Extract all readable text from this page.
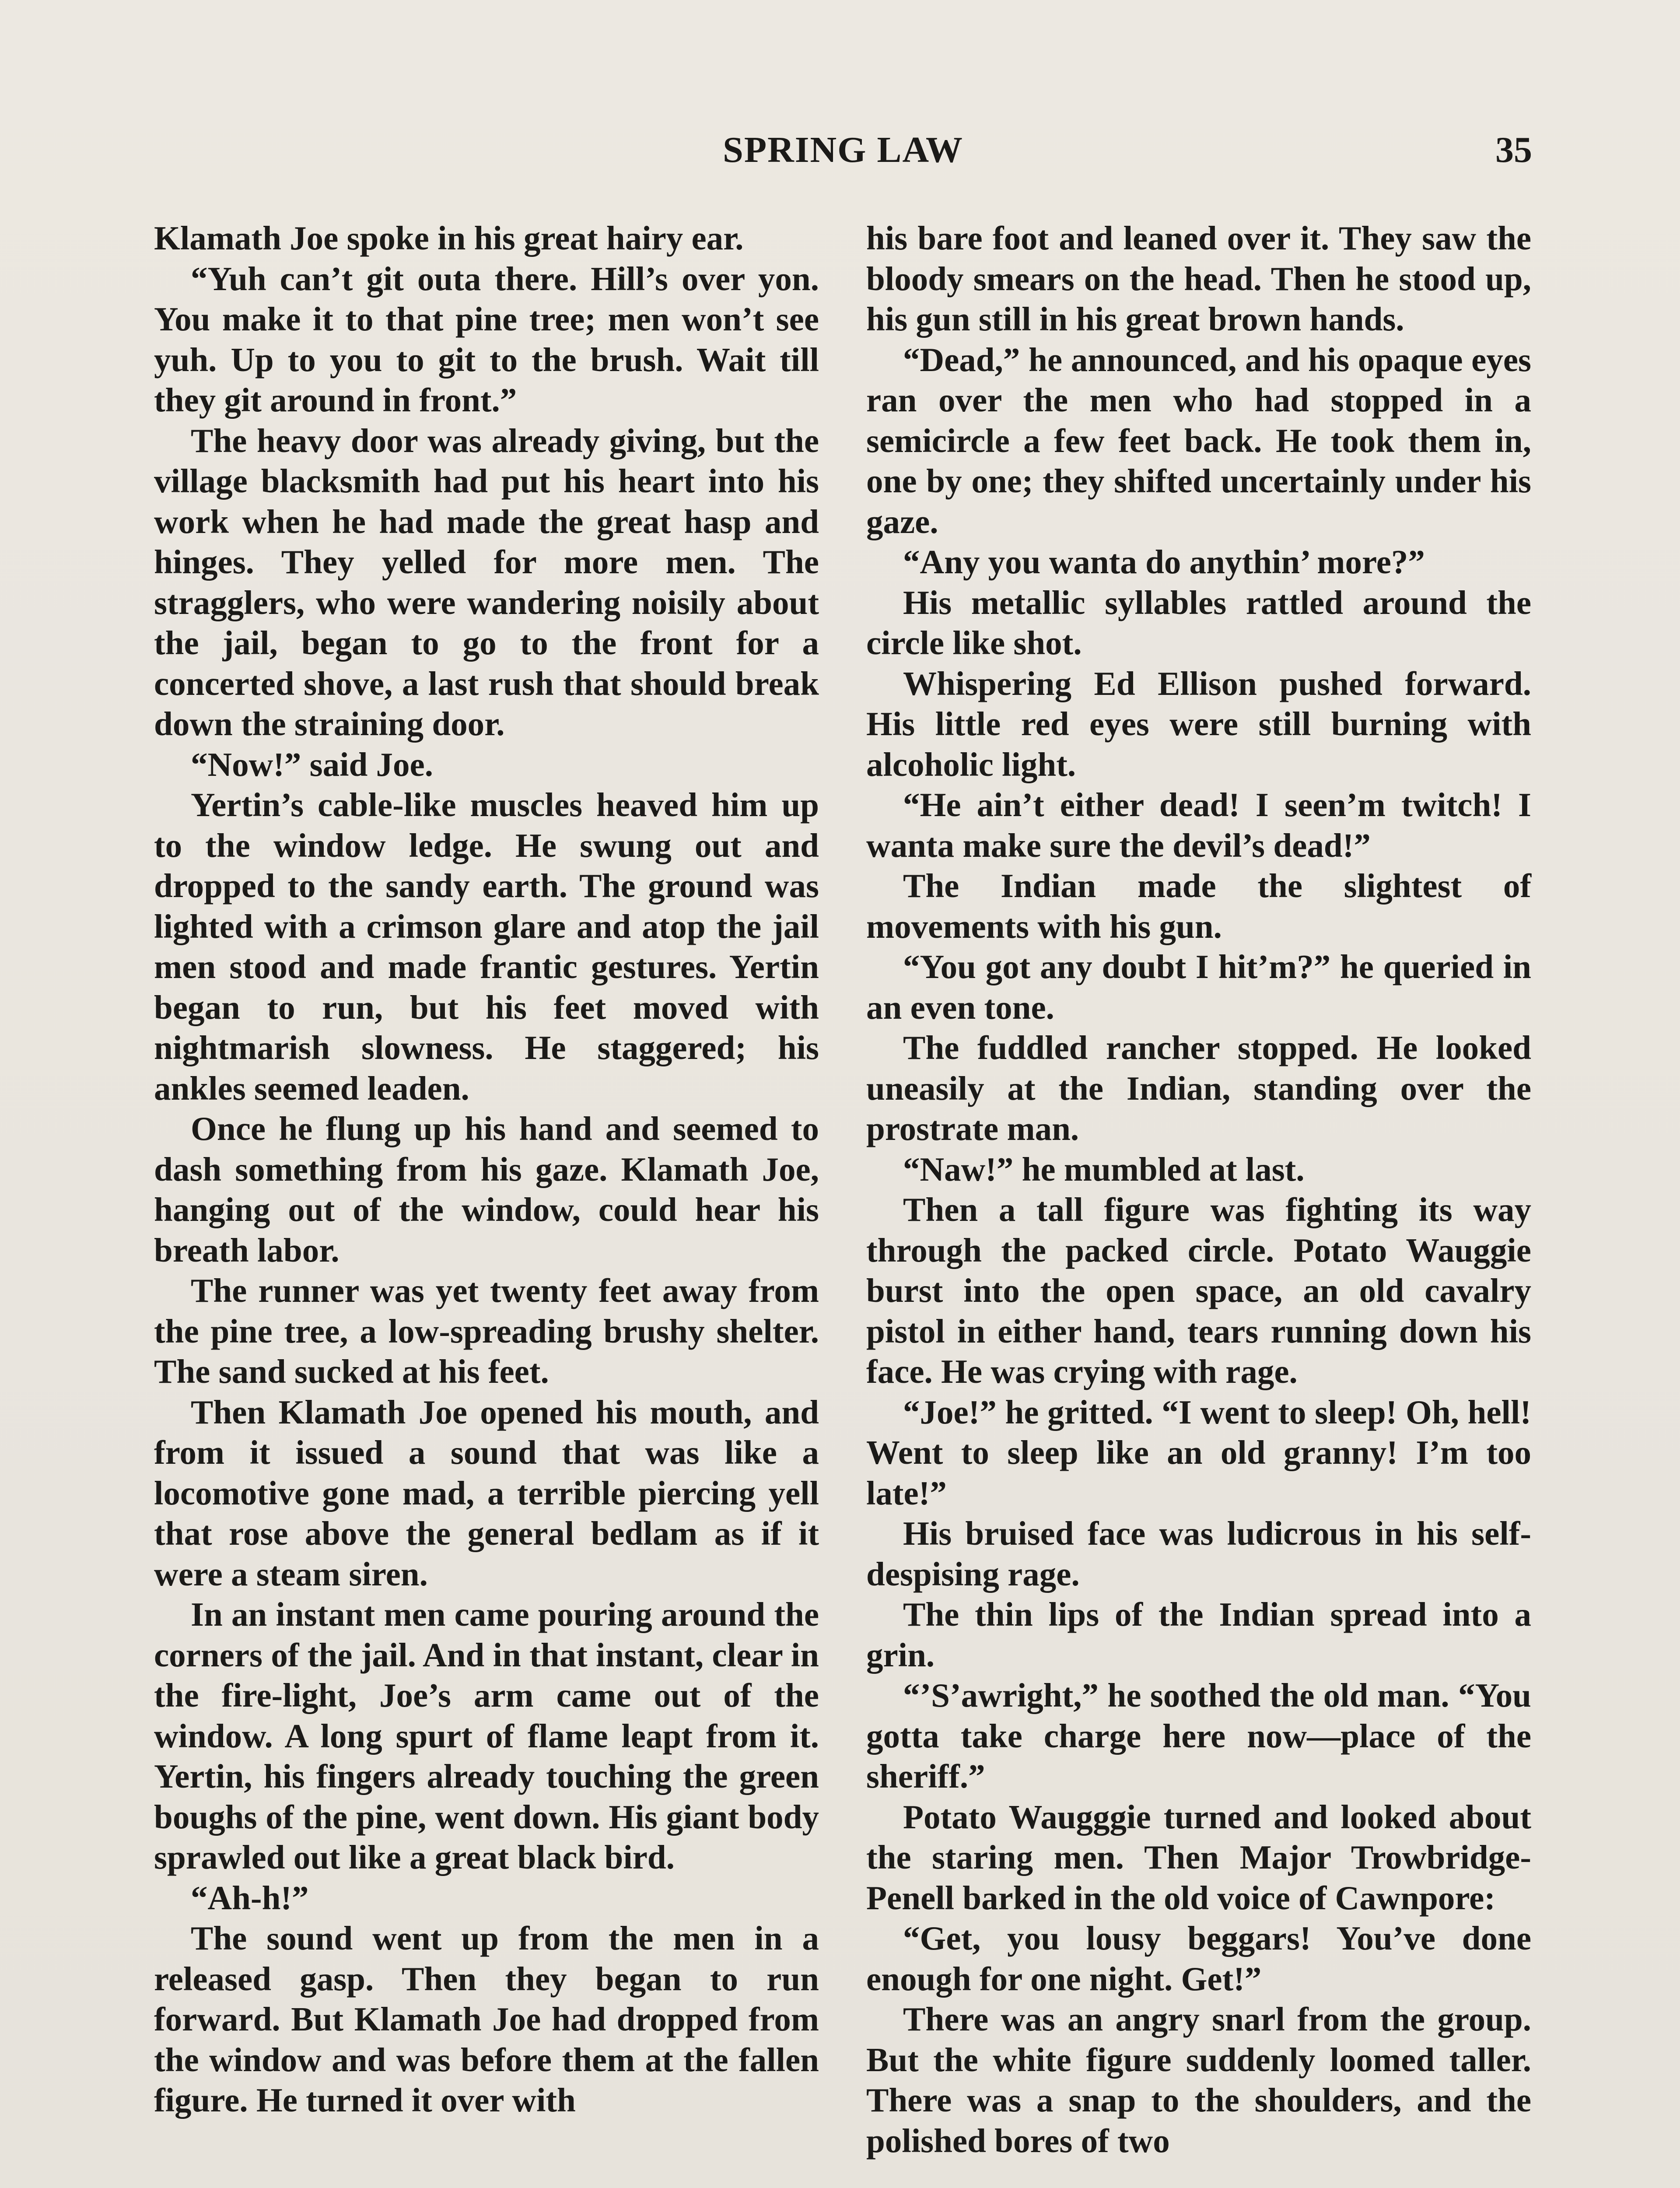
SPRING LAW	35

Klamath Joe spoke in his great hairy ear.

“Yuh can’t git outa there. Hill’s over yon. You make it to that pine tree; men won’t see yuh. Up to you to git to the brush. Wait till they git around in front.”

The heavy door was already giving, but the village blacksmith had put his heart into his work when he had made the great hasp and hinges. They yelled for more men. The stragglers, who were wandering noisily about the jail, began to go to the front for a concerted shove, a last rush that should break down the straining door.

“Now!” said Joe.

Yertin’s cable-like muscles heaved him up to the window ledge. He swung out and dropped to the sandy earth. The ground was lighted with a crimson glare and atop the jail men stood and made frantic gestures. Yertin began to run, but his feet moved with nightmarish slowness. He staggered; his ankles seemed leaden.

Once he flung up his hand and seemed to dash something from his gaze. Klamath Joe, hanging out of the window, could hear his breath labor.

The runner was yet twenty feet away from the pine tree, a low-spreading brushy shelter. The sand sucked at his feet.

Then Klamath Joe opened his mouth, and from it issued a sound that was like a locomotive gone mad, a terrible piercing yell that rose above the general bedlam as if it were a steam siren.

In an instant men came pouring around the corners of the jail. And in that instant, clear in the fire-light, Joe’s arm came out of the window. A long spurt of flame leapt from it. Yertin, his fingers already touching the green boughs of the pine, went down. His giant body sprawled out like a great black bird.

“Ah-h!”

The sound went up from the men in a released gasp. Then they began to run forward. But Klamath Joe had dropped from the window and was before them at the fallen figure. He turned it over with

his bare foot and leaned over it. They saw the bloody smears on the head. Then he stood up, his gun still in his great brown hands.

“Dead,” he announced, and his opaque eyes ran over the men who had stopped in a semicircle a few feet back. He took them in, one by one; they shifted uncertainly under his gaze.

“Any you wanta do anythin’ more?”

His metallic syllables rattled around the circle like shot.

Whispering Ed Ellison pushed forward. His little red eyes were still burning with alcoholic light.

“He ain’t either dead! I seen’m twitch! I wanta make sure the devil’s dead!”

The Indian made the slightest of movements with his gun.

“You got any doubt I hit’m?” he queried in an even tone.

The fuddled rancher stopped. He looked uneasily at the Indian, standing over the prostrate man.

“Naw!” he mumbled at last.

Then a tall figure was fighting its way through the packed circle. Potato Wauggie burst into the open space, an old cavalry pistol in either hand, tears running down his face. He was crying with rage.

“Joe!” he gritted. “I went to sleep! Oh, hell! Went to sleep like an old granny! I’m too late!”

His bruised face was ludicrous in his self-despising rage.

The thin lips of the Indian spread into a grin.

“’S’awright,” he soothed the old man. “You gotta take charge here now—place of the sheriff.”

Potato Waugggie turned and looked about the staring men. Then Major Trowbridge-Penell barked in the old voice of Cawnpore:

“Get, you lousy beggars! You’ve done enough for one night. Get!”

There was an angry snarl from the group. But the white figure suddenly loomed taller. There was a snap to the shoulders, and the polished bores of two
